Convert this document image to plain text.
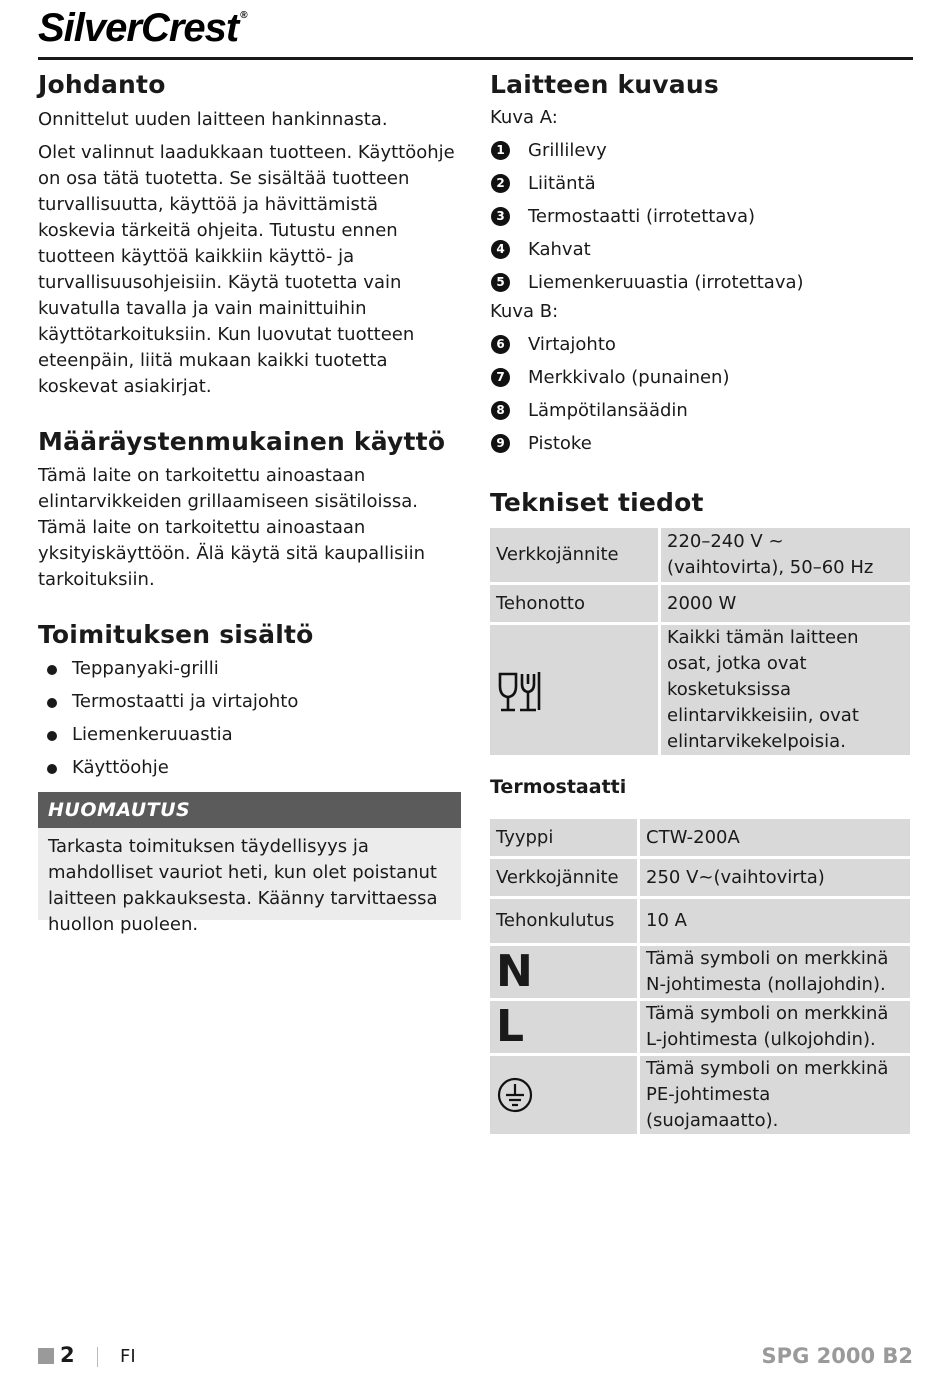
SilverCrest ®
Johdanto

Onnittelut uuden laitteen hankinnasta.

Olet valinnut laadukkaan tuotteen. Käyttöohje on osa tätä tuotetta. Se sisältää tuotteen turvallisuutta, käyttöä ja hävittämistä koskevia tärkeitä ohjeita. Tutustu ennen tuotteen käyttöä kaikkiin käyttö- ja turvallisuusohjeisiin. Käytä tuotetta vain kuvatulla tavalla ja vain mainittuihin käyttötarkoituksiin. Kun luovutat tuotteen eteenpäin, liitä mukaan kaikki tuotetta koskevat asiakirjat.

Määräystenmukainen käyttö

Tämä laite on tarkoitettu ainoastaan elintarvikkeiden grillaamiseen sisätiloissa. Tämä laite on tarkoitettu ainoastaan yksityiskäyttöön. Älä käytä sitä kaupallisiin tarkoituksiin.

Toimituksen sisältö
Teppanyaki-grilli
Termostaatti ja virtajohto
Liemenkeruuastia
Käyttöohje
HUOMAUTUS
Tarkasta toimituksen täydellisyys ja mahdolliset vauriot heti, kun olet poistanut laitteen pakkauksesta. Käänny tarvittaessa huollon puoleen.
Laitteen kuvaus
Kuva A:
1 Grillilevy
2 Liitäntä
3 Termostaatti (irrotettava)
4 Kahvat
5 Liemenkeruuastia (irrotettava)
Kuva B:
6 Virtajohto
7 Merkkivalo (punainen)
8 Lämpötilansäädin
9 Pistoke
Tekniset tiedot
Verkkojännite	220–240 V ~ (vaihtovirta), 50–60 Hz
Tehonotto	2000 W

	Kaikki tämän laitteen osat, jotka ovat kosketuksissa elintarvikkeisiin, ovat elintarvikekelpoisia.
Termostaatti
Tyyppi	CTW-200A
Verkkojännite	250 V~(vaihtovirta)
Tehonkulutus	10 A
N	Tämä symboli on merkkinä N-johtimesta (nollajohdin).
L	Tämä symboli on merkkinä L-johtimesta (ulkojohdin).

	Tämä symboli on merkkinä PE-johtimesta (suojamaatto).
2	FI	SPG 2000 B2
